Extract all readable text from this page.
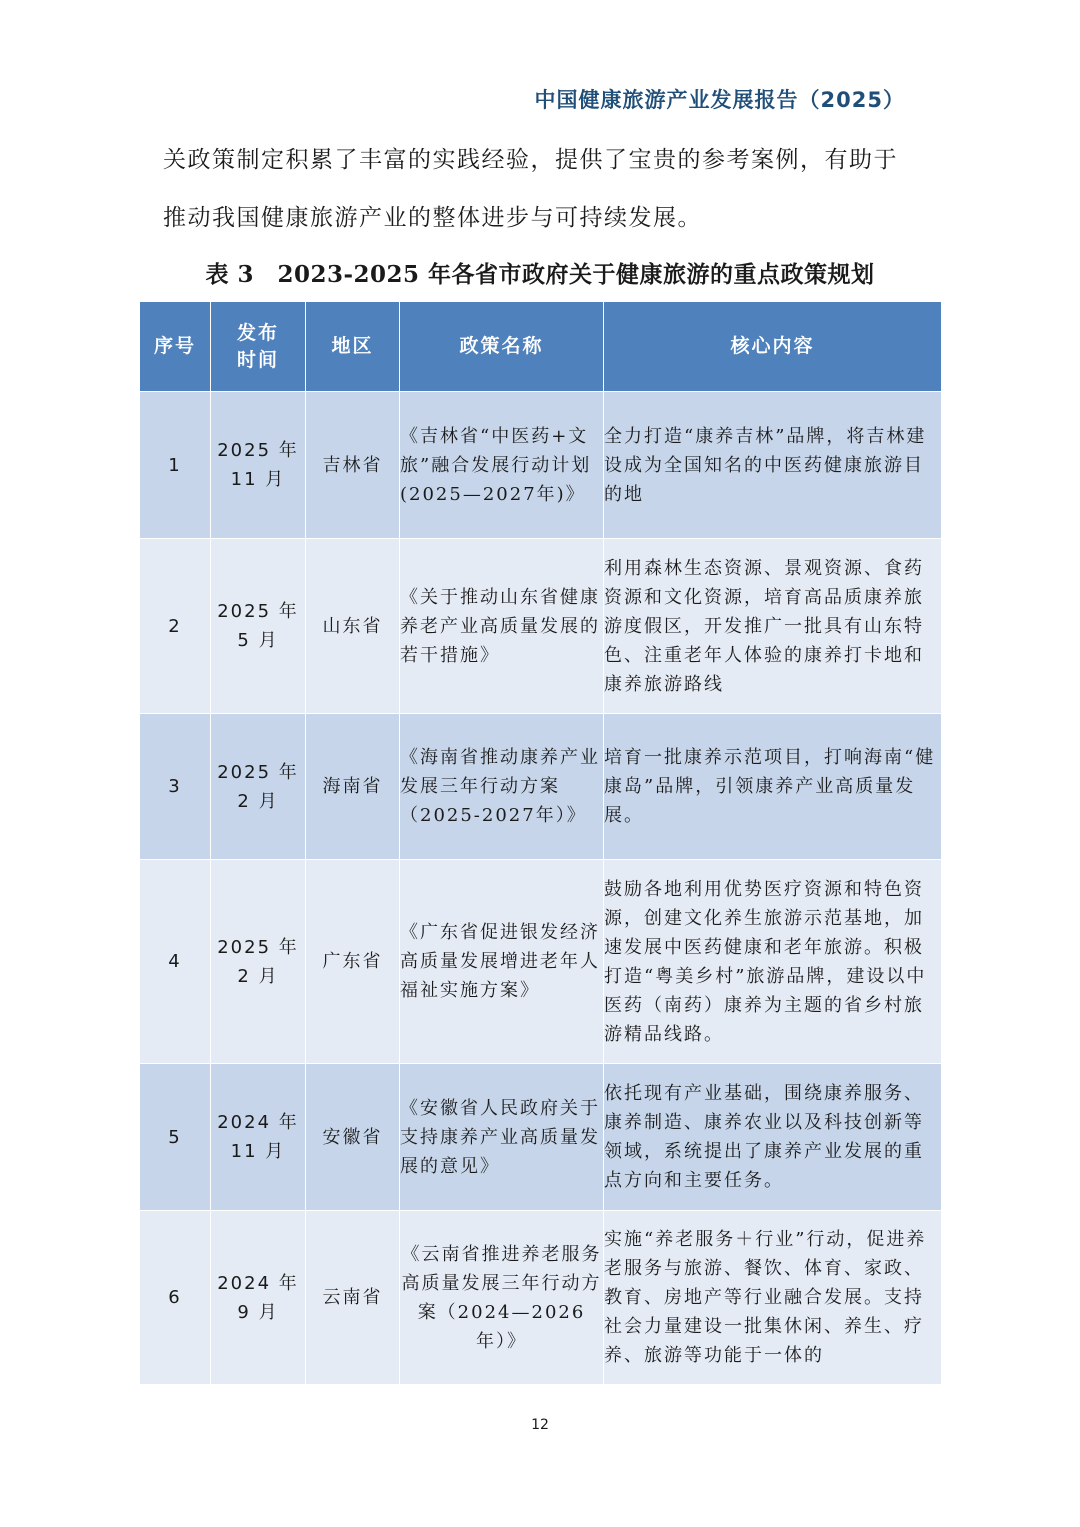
中国健康旅游产业发展报告（2025）

关政策制定积累了丰富的实践经验，提供了宝贵的参考案例，有助于

推动我国健康旅游产业的整体进步与可持续发展。

表 3　2023-2025 年各省市政府关于健康旅游的重点政策规划
序号	发布时间	地区	政策名称	核心内容
1	2025 年 11 月	吉林省	《吉林省“中医药+文旅”融合发展行动计划(2025—2027年)》	全力打造“康养吉林”品牌，将吉林建设成为全国知名的中医药健康旅游目的地
2	2025 年 5 月	山东省	《关于推动山东省健康养老产业高质量发展的若干措施》	利用森林生态资源、景观资源、食药资源和文化资源，培育高品质康养旅游度假区，开发推广一批具有山东特色、注重老年人体验的康养打卡地和康养旅游路线
3	2025 年 2 月	海南省	《海南省推动康养产业发展三年行动方案（2025-2027年）》	培育一批康养示范项目，打响海南“健康岛”品牌，引领康养产业高质量发展。
4	2025 年 2 月	广东省	《广东省促进银发经济高质量发展增进老年人福祉实施方案》	鼓励各地利用优势医疗资源和特色资源，创建文化养生旅游示范基地，加速发展中医药健康和老年旅游。积极打造“粤美乡村”旅游品牌，建设以中医药（南药）康养为主题的省乡村旅游精品线路。
5	2024 年 11 月	安徽省	《安徽省人民政府关于支持康养产业高质量发展的意见》	依托现有产业基础，围绕康养服务、康养制造、康养农业以及科技创新等领域，系统提出了康养产业发展的重点方向和主要任务。
6	2024 年 9 月	云南省	《云南省推进养老服务高质量发展三年行动方案（2024—2026 年）》	实施“养老服务＋行业”行动，促进养老服务与旅游、餐饮、体育、家政、教育、房地产等行业融合发展。支持社会力量建设一批集休闲、养生、疗养、旅游等功能于一体的
12
